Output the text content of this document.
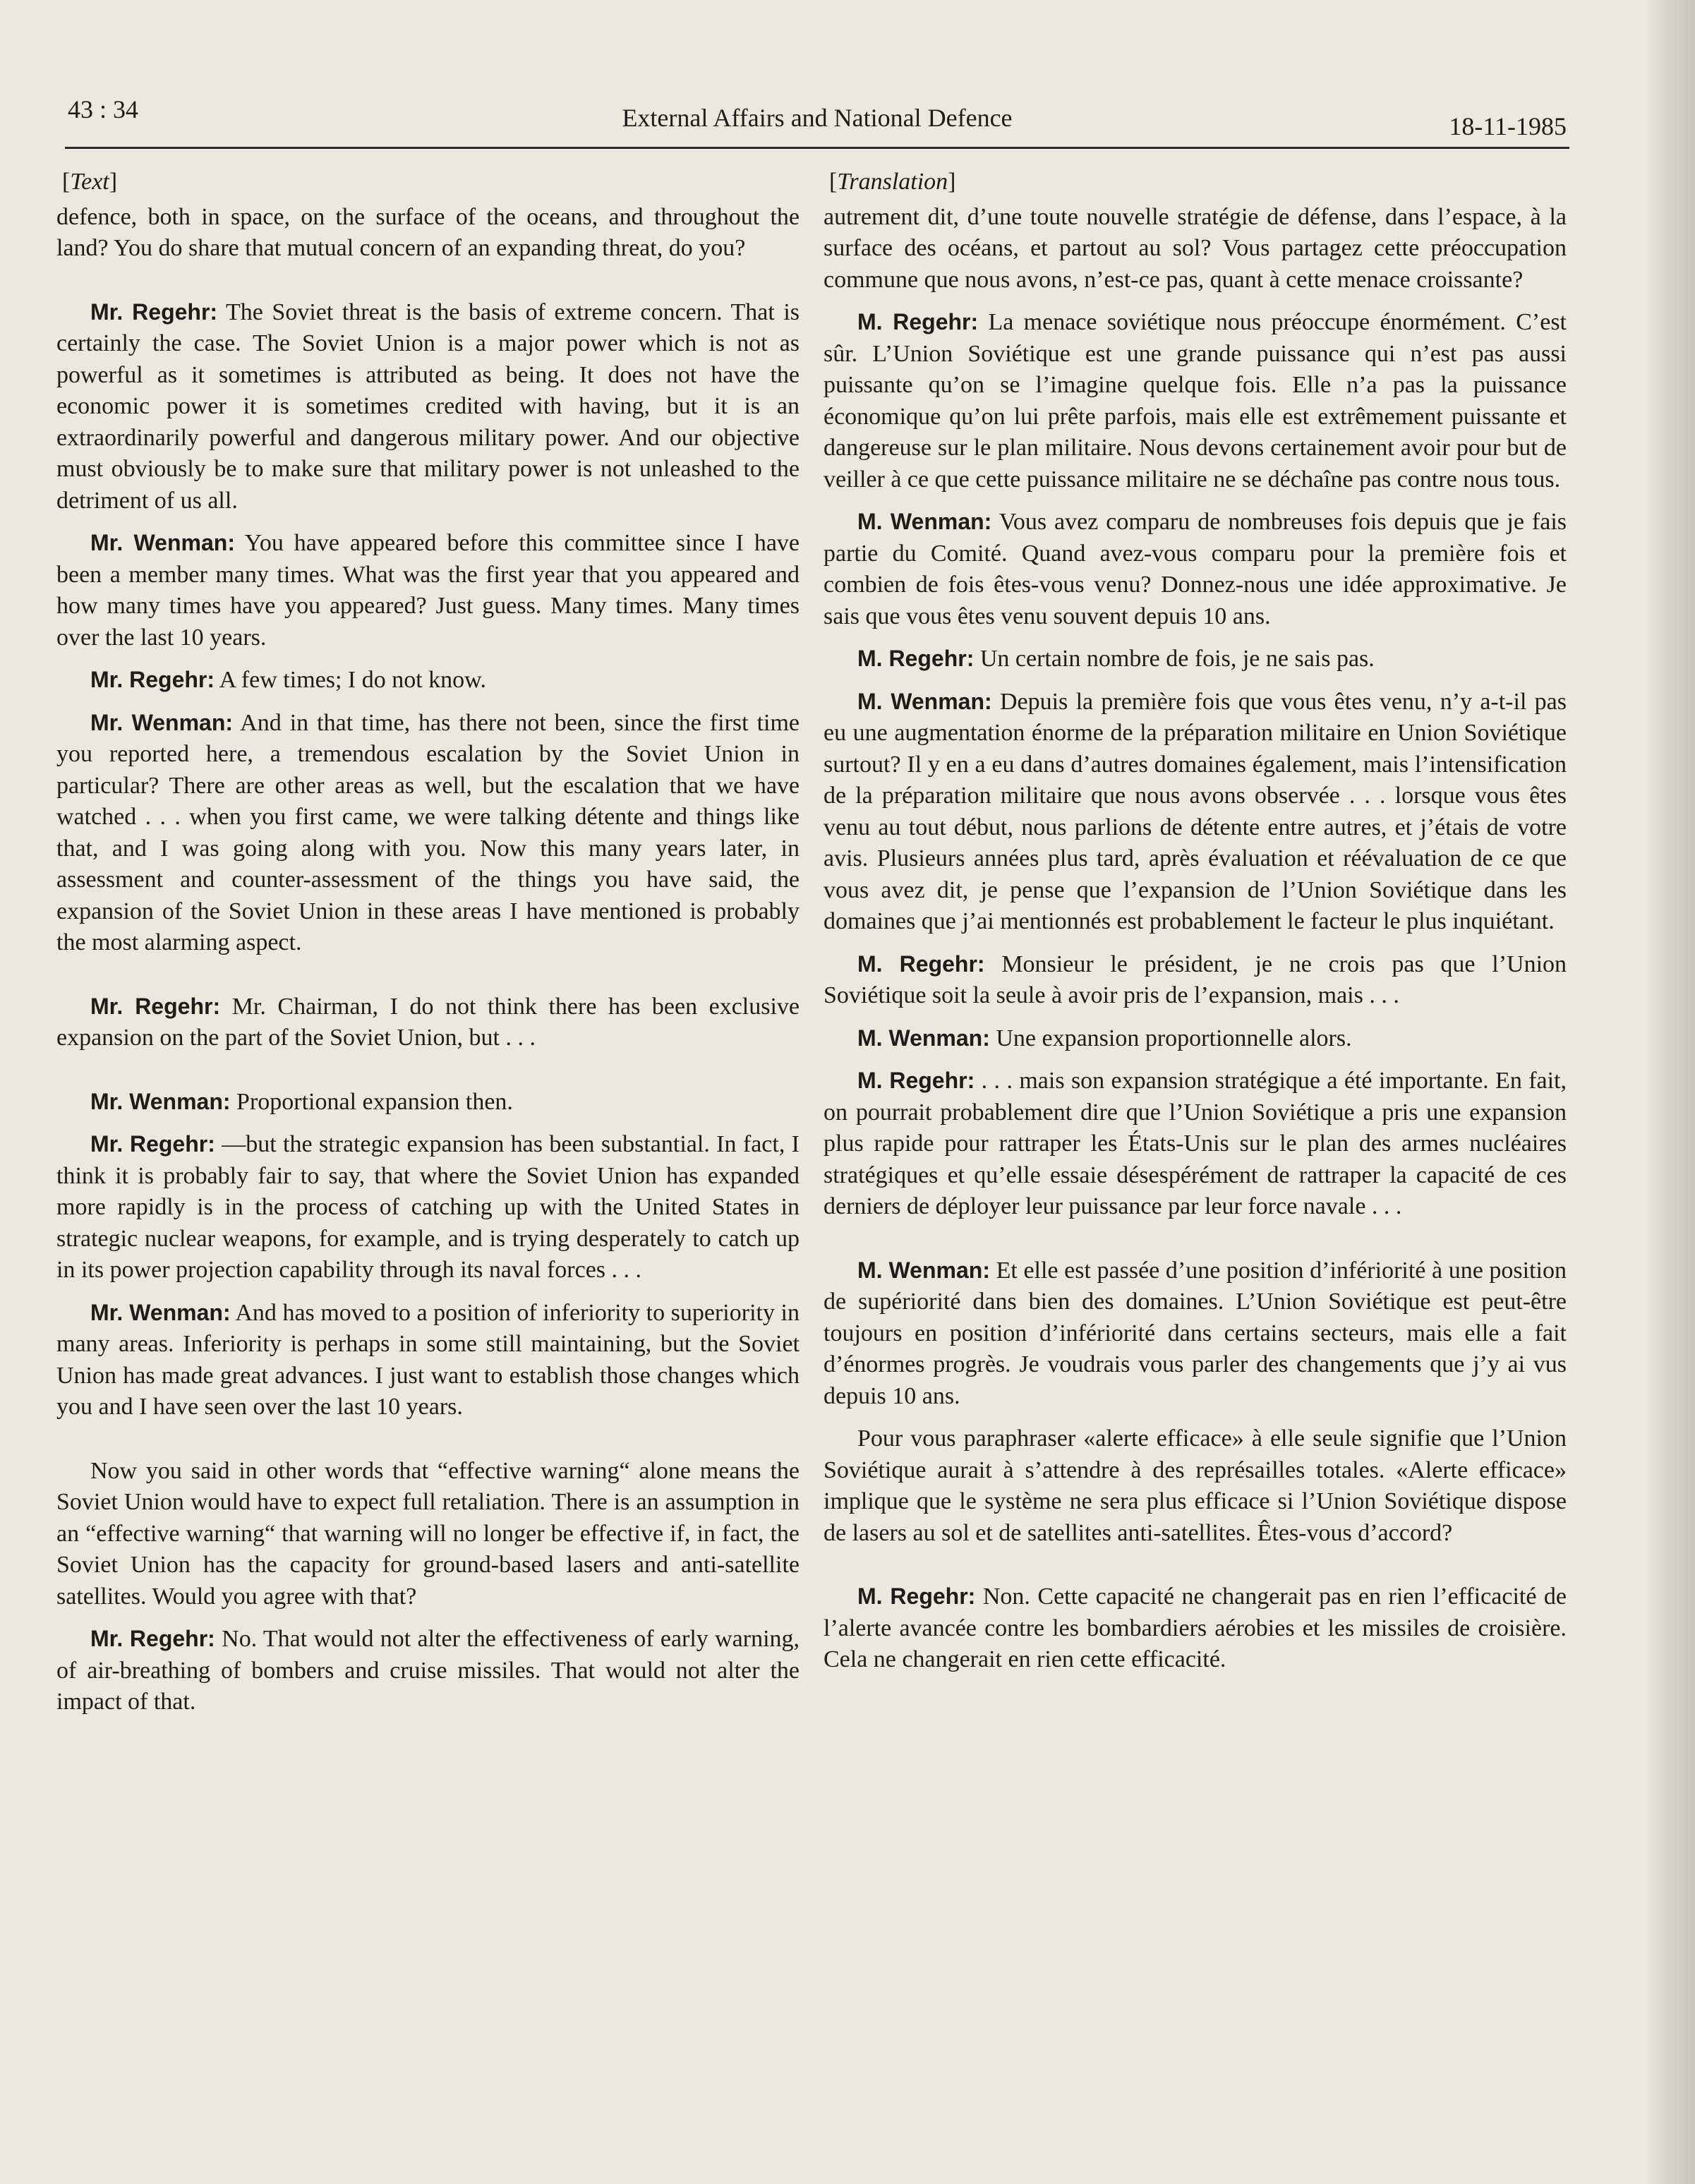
43 : 34	External Affairs and National Defence	18-11-1985
[Text]

defence, both in space, on the surface of the oceans, and throughout the land? You do share that mutual concern of an expanding threat, do you?

Mr. Regehr: The Soviet threat is the basis of extreme concern. That is certainly the case. The Soviet Union is a major power which is not as powerful as it sometimes is attributed as being. It does not have the economic power it is sometimes credited with having, but it is an extraordinarily powerful and dangerous military power. And our objective must obviously be to make sure that military power is not unleashed to the detriment of us all.

Mr. Wenman: You have appeared before this committee since I have been a member many times. What was the first year that you appeared and how many times have you appeared? Just guess. Many times. Many times over the last 10 years.

Mr. Regehr: A few times; I do not know.

Mr. Wenman: And in that time, has there not been, since the first time you reported here, a tremendous escalation by the Soviet Union in particular? There are other areas as well, but the escalation that we have watched . . . when you first came, we were talking détente and things like that, and I was going along with you. Now this many years later, in assessment and counter-assessment of the things you have said, the expansion of the Soviet Union in these areas I have mentioned is probably the most alarming aspect.

Mr. Regehr: Mr. Chairman, I do not think there has been exclusive expansion on the part of the Soviet Union, but . . .

Mr. Wenman: Proportional expansion then.

Mr. Regehr: —but the strategic expansion has been substantial. In fact, I think it is probably fair to say, that where the Soviet Union has expanded more rapidly is in the process of catching up with the United States in strategic nuclear weapons, for example, and is trying desperately to catch up in its power projection capability through its naval forces . . .

Mr. Wenman: And has moved to a position of inferiority to superiority in many areas. Inferiority is perhaps in some still maintaining, but the Soviet Union has made great advances. I just want to establish those changes which you and I have seen over the last 10 years.

Now you said in other words that “effective warning“ alone means the Soviet Union would have to expect full retaliation. There is an assumption in an “effective warning“ that warning will no longer be effective if, in fact, the Soviet Union has the capacity for ground-based lasers and anti-satellite satellites. Would you agree with that?

Mr. Regehr: No. That would not alter the effectiveness of early warning, of air-breathing of bombers and cruise missiles. That would not alter the impact of that.

[Translation]

autrement dit, d’une toute nouvelle stratégie de défense, dans l’espace, à la surface des océans, et partout au sol? Vous partagez cette préoccupation commune que nous avons, n’est-ce pas, quant à cette menace croissante?

M. Regehr: La menace soviétique nous préoccupe énormément. C’est sûr. L’Union Soviétique est une grande puissance qui n’est pas aussi puissante qu’on se l’imagine quelque fois. Elle n’a pas la puissance économique qu’on lui prête parfois, mais elle est extrêmement puissante et dangereuse sur le plan militaire. Nous devons certainement avoir pour but de veiller à ce que cette puissance militaire ne se déchaîne pas contre nous tous.

M. Wenman: Vous avez comparu de nombreuses fois depuis que je fais partie du Comité. Quand avez-vous comparu pour la première fois et combien de fois êtes-vous venu? Donnez-nous une idée approximative. Je sais que vous êtes venu souvent depuis 10 ans.

M. Regehr: Un certain nombre de fois, je ne sais pas.

M. Wenman: Depuis la première fois que vous êtes venu, n’y a-t-il pas eu une augmentation énorme de la préparation militaire en Union Soviétique surtout? Il y en a eu dans d’autres domaines également, mais l’intensification de la préparation militaire que nous avons observée . . . lorsque vous êtes venu au tout début, nous parlions de détente entre autres, et j’étais de votre avis. Plusieurs années plus tard, après évaluation et réévaluation de ce que vous avez dit, je pense que l’expansion de l’Union Soviétique dans les domaines que j’ai mentionnés est probablement le facteur le plus inquiétant.

M. Regehr: Monsieur le président, je ne crois pas que l’Union Soviétique soit la seule à avoir pris de l’expansion, mais . . .

M. Wenman: Une expansion proportionnelle alors.

M. Regehr: . . . mais son expansion stratégique a été importante. En fait, on pourrait probablement dire que l’Union Soviétique a pris une expansion plus rapide pour rattraper les États-Unis sur le plan des armes nucléaires stratégiques et qu’elle essaie désespérément de rattraper la capacité de ces derniers de déployer leur puissance par leur force navale . . .

M. Wenman: Et elle est passée d’une position d’infériorité à une position de supériorité dans bien des domaines. L’Union Soviétique est peut-être toujours en position d’infériorité dans certains secteurs, mais elle a fait d’énormes progrès. Je voudrais vous parler des changements que j’y ai vus depuis 10 ans.

Pour vous paraphraser «alerte efficace» à elle seule signifie que l’Union Soviétique aurait à s’attendre à des représailles totales. «Alerte efficace» implique que le système ne sera plus efficace si l’Union Soviétique dispose de lasers au sol et de satellites anti-satellites. Êtes-vous d’accord?

M. Regehr: Non. Cette capacité ne changerait pas en rien l’efficacité de l’alerte avancée contre les bombardiers aérobies et les missiles de croisière. Cela ne changerait en rien cette efficacité.
